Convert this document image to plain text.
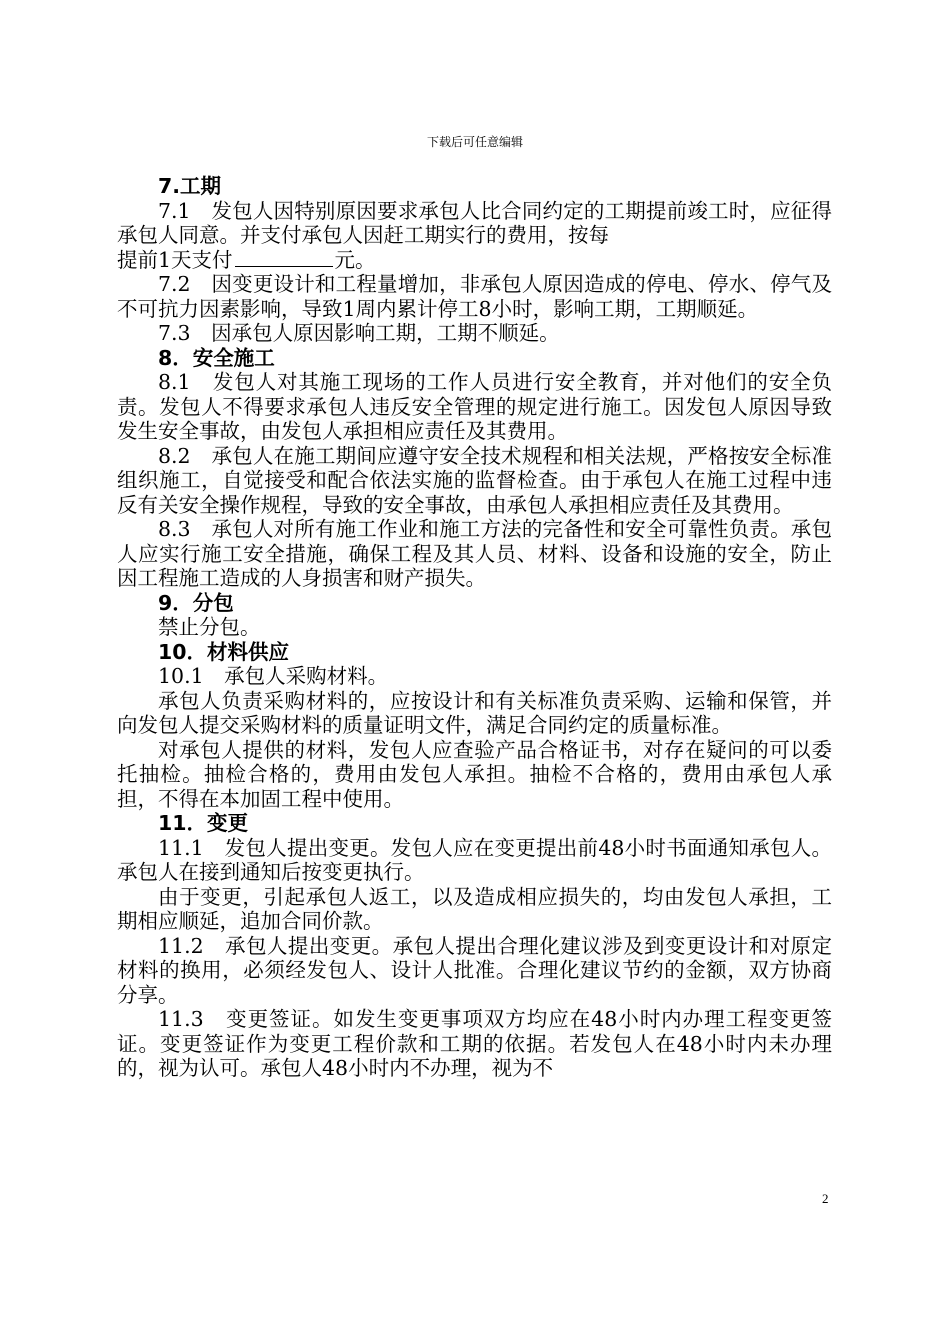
下载后可任意编辑

7.工期

7.1　发包人因特别原因要求承包人比合同约定的工期提前竣工时，应征得承包人同意。并支付承包人因赶工期实行的费用，按每

提前1天支付	元。

7.2　因变更设计和工程量增加，非承包人原因造成的停电、停水、停气及不可抗力因素影响，导致1周内累计停工8小时，影响工期，工期顺延。

7.3　因承包人原因影响工期，工期不顺延。

8．安全施工

8.1　发包人对其施工现场的工作人员进行安全教育，并对他们的安全负责。发包人不得要求承包人违反安全管理的规定进行施工。因发包人原因导致发生安全事故，由发包人承担相应责任及其费用。

8.2　承包人在施工期间应遵守安全技术规程和相关法规，严格按安全标准组织施工，自觉接受和配合依法实施的监督检查。由于承包人在施工过程中违反有关安全操作规程，导致的安全事故，由承包人承担相应责任及其费用。

8.3　承包人对所有施工作业和施工方法的完备性和安全可靠性负责。承包人应实行施工安全措施，确保工程及其人员、材料、设备和设施的安全，防止因工程施工造成的人身损害和财产损失。

9．分包

禁止分包。

10．材料供应

10.1　承包人采购材料。

承包人负责采购材料的，应按设计和有关标准负责采购、运输和保管，并向发包人提交采购材料的质量证明文件，满足合同约定的质量标准。

对承包人提供的材料，发包人应查验产品合格证书，对存在疑问的可以委托抽检。抽检合格的，费用由发包人承担。抽检不合格的，费用由承包人承担，不得在本加固工程中使用。

11．变更

11.1　发包人提出变更。发包人应在变更提出前48小时书面通知承包人。承包人在接到通知后按变更执行。

由于变更，引起承包人返工，以及造成相应损失的，均由发包人承担，工期相应顺延，追加合同价款。

11.2　承包人提出变更。承包人提出合理化建议涉及到变更设计和对原定材料的换用，必须经发包人、设计人批准。合理化建议节约的金额，双方协商分享。

11.3　变更签证。如发生变更事项双方均应在48小时内办理工程变更签证。变更签证作为变更工程价款和工期的依据。若发包人在48小时内未办理的，视为认可。承包人48小时内不办理，视为不

2
